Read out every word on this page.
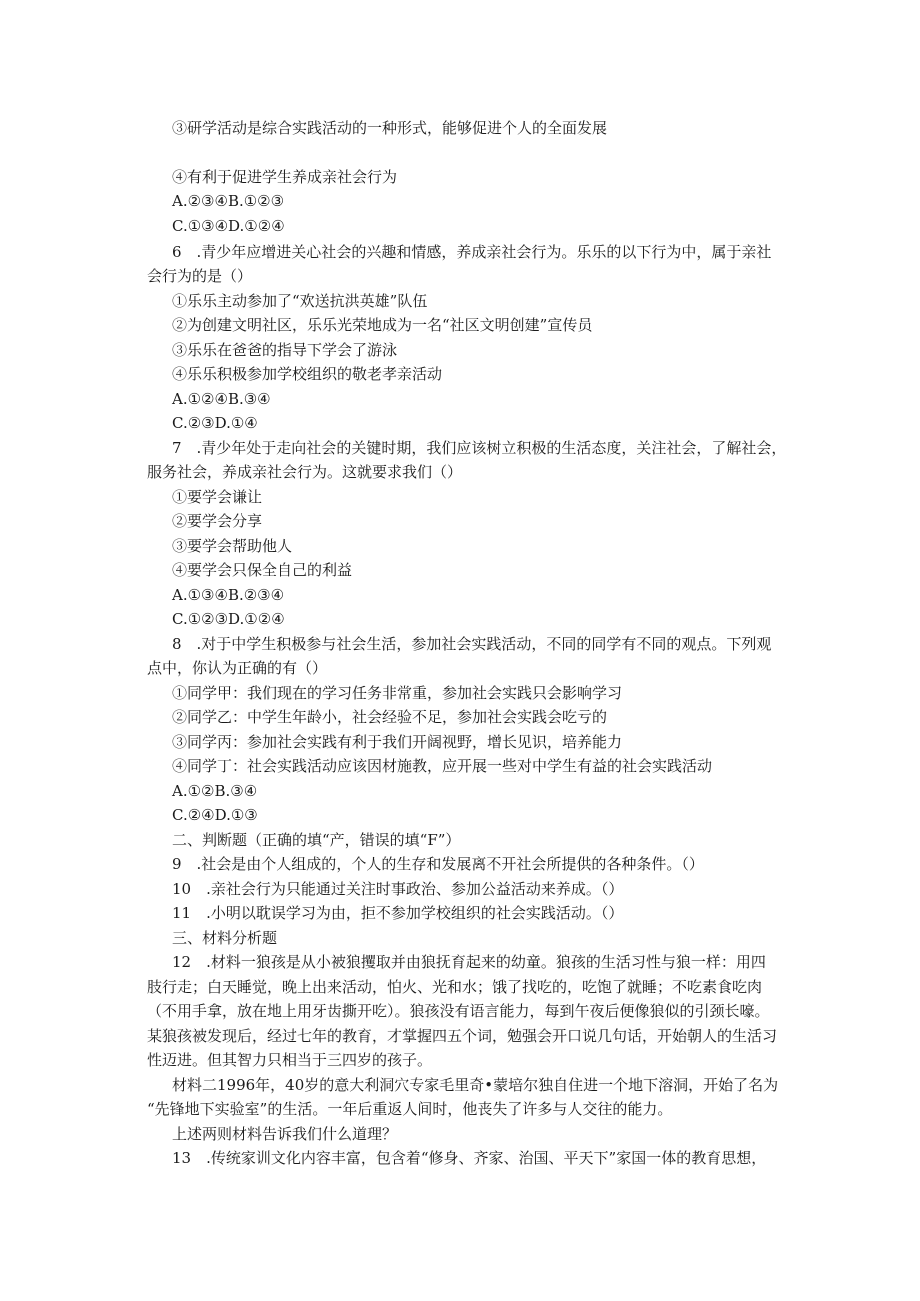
③研学活动是综合实践活动的一种形式，能够促进个人的全面发展
④有利于促进学生养成亲社会行为
A.②③④B.①②③
C.①③④D.①②④
6　.青少年应增进关心社会的兴趣和情感，养成亲社会行为。乐乐的以下行为中，属于亲社
会行为的是（）
①乐乐主动参加了“欢送抗洪英雄”队伍
②为创建文明社区，乐乐光荣地成为一名“社区文明创建”宣传员
③乐乐在爸爸的指导下学会了游泳
④乐乐积极参加学校组织的敬老孝亲活动
A.①②④B.③④
C.②③D.①④
7　.青少年处于走向社会的关键时期，我们应该树立积极的生活态度，关注社会，了解社会，
服务社会，养成亲社会行为。这就要求我们（）
①要学会谦让
②要学会分享
③要学会帮助他人
④要学会只保全自己的利益
A.①③④B.②③④
C.①②③D.①②④
8　.对于中学生积极参与社会生活，参加社会实践活动，不同的同学有不同的观点。下列观
点中，你认为正确的有（）
①同学甲：我们现在的学习任务非常重，参加社会实践只会影响学习
②同学乙：中学生年龄小，社会经验不足，参加社会实践会吃亏的
③同学丙：参加社会实践有利于我们开阔视野，增长见识，培养能力
④同学丁：社会实践活动应该因材施教，应开展一些对中学生有益的社会实践活动
A.①②B.③④
C.②④D.①③
二、判断题（正确的填“产，错误的填“F”）
9　.社会是由个人组成的，个人的生存和发展离不开社会所提供的各种条件。（）
10　.亲社会行为只能通过关注时事政治、参加公益活动来养成。（）
11　.小明以耽误学习为由，拒不参加学校组织的社会实践活动。（）
三、材料分析题
12　.材料一狼孩是从小被狼攫取并由狼抚育起来的幼童。狼孩的生活习性与狼一样：用四
肢行走；白天睡觉，晚上出来活动，怕火、光和水；饿了找吃的，吃饱了就睡；不吃素食吃肉
（不用手拿，放在地上用牙齿撕开吃）。狼孩没有语言能力，每到午夜后便像狼似的引颈长嚎。
某狼孩被发现后，经过七年的教育，才掌握四五个词，勉强会开口说几句话，开始朝人的生活习
性迈进。但其智力只相当于三四岁的孩子。
材料二1996年，40岁的意大利洞穴专家毛里奇•蒙培尔独自住进一个地下溶洞，开始了名为
“先锋地下实验室”的生活。一年后重返人间时，他丧失了许多与人交往的能力。
上述两则材料告诉我们什么道理？
13　.传统家训文化内容丰富，包含着“修身、齐家、治国、平天下”家国一体的教育思想，
